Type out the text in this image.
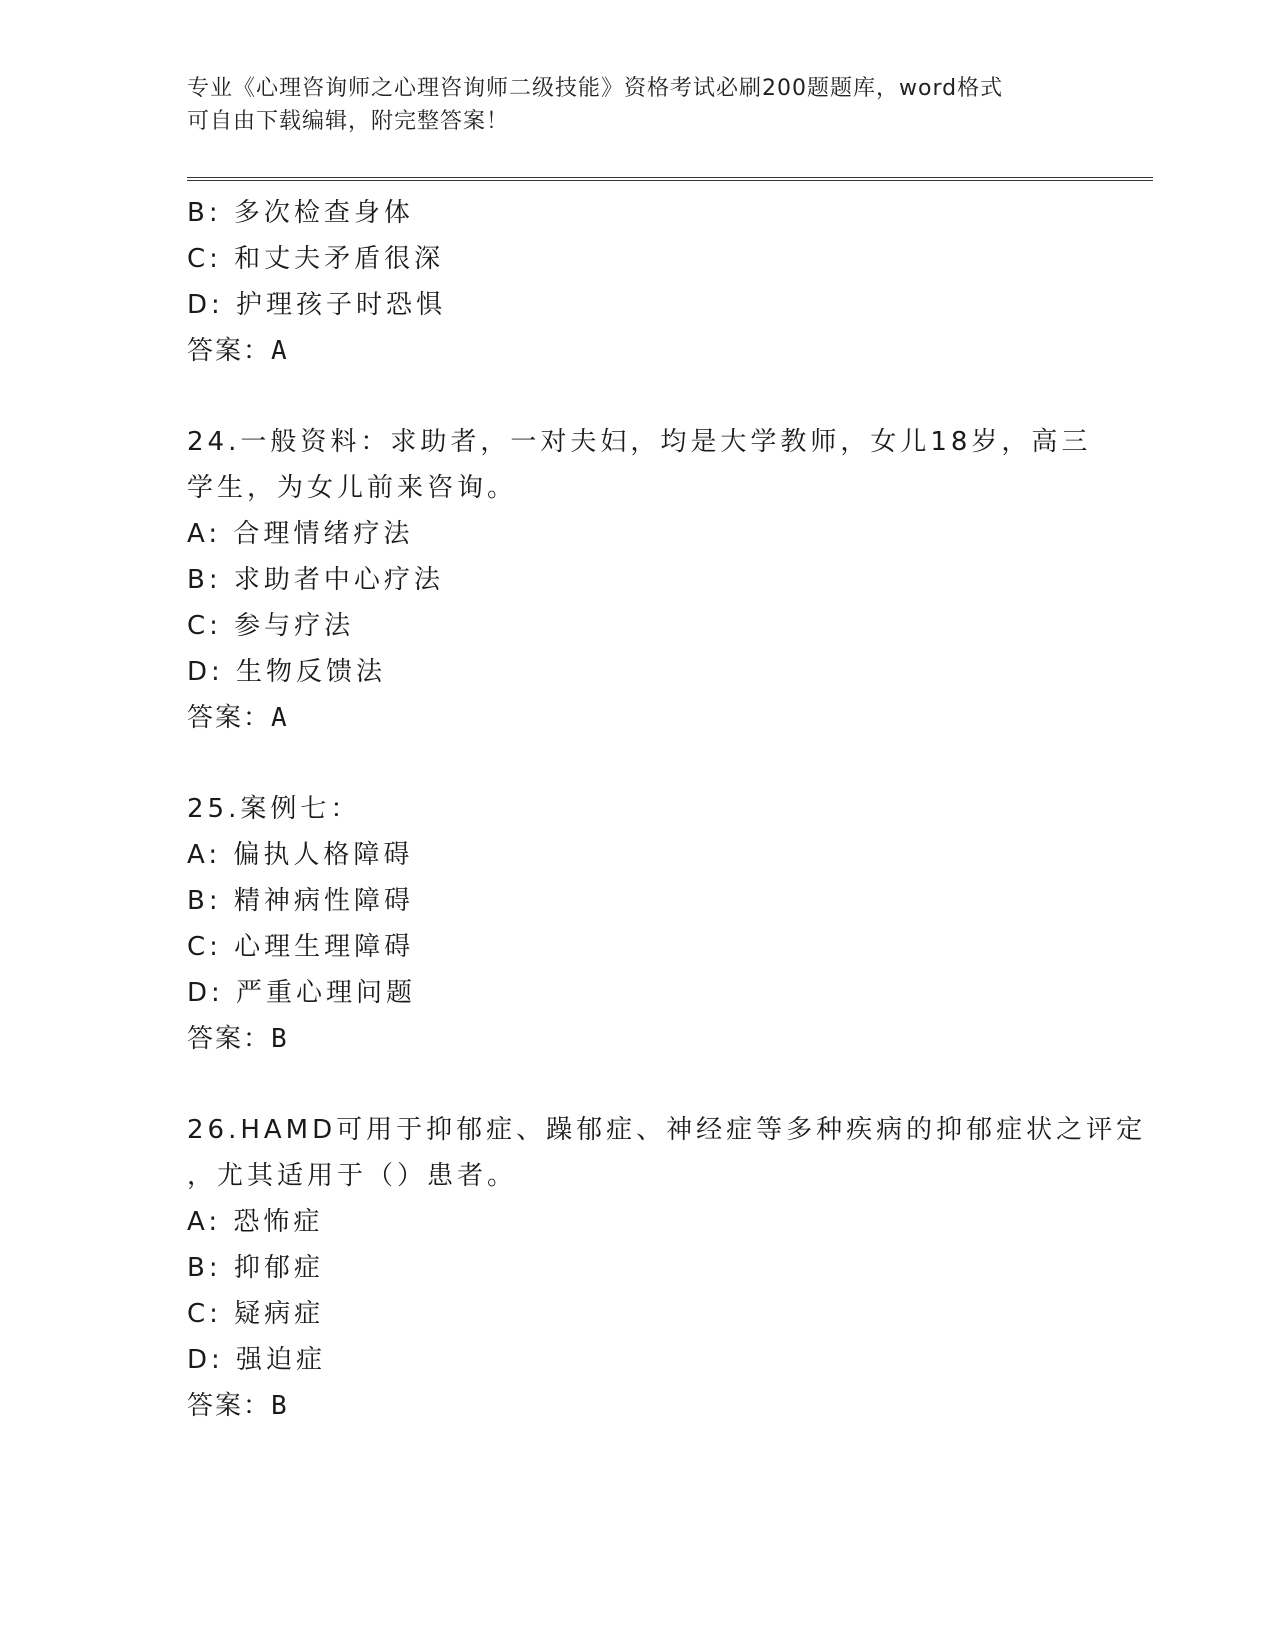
专业《心理咨询师之心理咨询师二级技能》资格考试必刷200题题库，word格式
可自由下载编辑，附完整答案！
B: 多次检查身体
C: 和丈夫矛盾很深
D: 护理孩子时恐惧
答案：A
24.一般资料：求助者，一对夫妇，均是大学教师，女儿18岁，高三
学生，为女儿前来咨询。
A: 合理情绪疗法
B: 求助者中心疗法
C: 参与疗法
D: 生物反馈法
答案：A
25.案例七：
A: 偏执人格障碍
B: 精神病性障碍
C: 心理生理障碍
D: 严重心理问题
答案：B
26.HAMD可用于抑郁症、躁郁症、神经症等多种疾病的抑郁症状之评定
，尤其适用于（）患者。
A: 恐怖症
B: 抑郁症
C: 疑病症
D: 强迫症
答案：B
